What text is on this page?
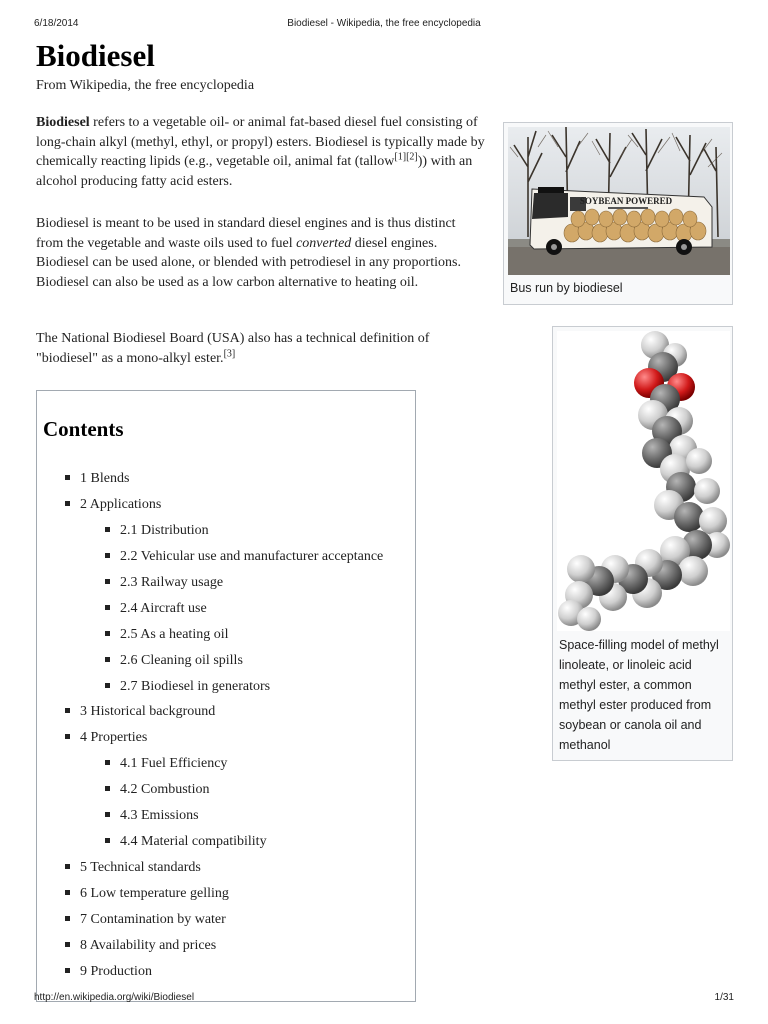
6/18/2014	Biodiesel - Wikipedia, the free encyclopedia
Biodiesel
From Wikipedia, the free encyclopedia

Biodiesel refers to a vegetable oil- or animal fat-based diesel fuel consisting of long-chain alkyl (methyl, ethyl, or propyl) esters. Biodiesel is typically made by chemically reacting lipids (e.g., vegetable oil, animal fat (tallow[1][2])) with an alcohol producing fatty acid esters.

Biodiesel is meant to be used in standard diesel engines and is thus distinct from the vegetable and waste oils used to fuel converted diesel engines. Biodiesel can be used alone, or blended with petrodiesel in any proportions. Biodiesel can also be used as a low carbon alternative to heating oil.

The National Biodiesel Board (USA) also has a technical definition of "biodiesel" as a mono-alkyl ester.[3]

SOYBEAN POWERED
Bus run by biodiesel
Space-filling model of methyl linoleate, or linoleic acid methyl ester, a common methyl ester produced from soybean or canola oil and methanol
Contents
1 Blends
2 Applications
2.1 Distribution
2.2 Vehicular use and manufacturer acceptance
2.3 Railway usage
2.4 Aircraft use
2.5 As a heating oil
2.6 Cleaning oil spills
2.7 Biodiesel in generators
3 Historical background
4 Properties
4.1 Fuel Efficiency
4.2 Combustion
4.3 Emissions
4.4 Material compatibility
5 Technical standards
6 Low temperature gelling
7 Contamination by water
8 Availability and prices
9 Production
http://en.wikipedia.org/wiki/Biodiesel	1/31
